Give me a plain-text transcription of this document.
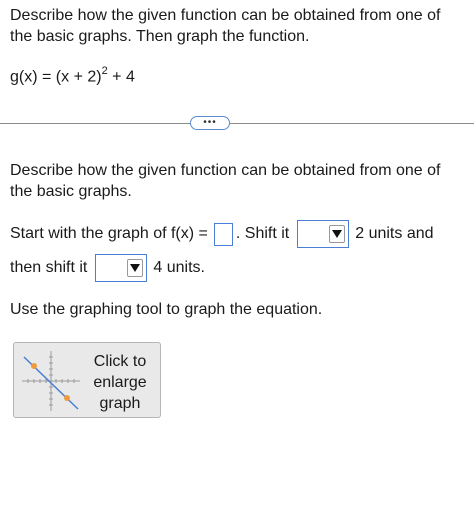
Describe how the given function can be obtained from one of the basic graphs. Then graph the function.
$g(x) = (x + 2)^2 + 4$
•••
Describe how the given function can be obtained from one of the basic graphs.
Start with the graph of f(x) = . Shift it	2 units and
then shift it	4 units.
Use the graphing tool to graph the equation.
Click to enlarge graph
